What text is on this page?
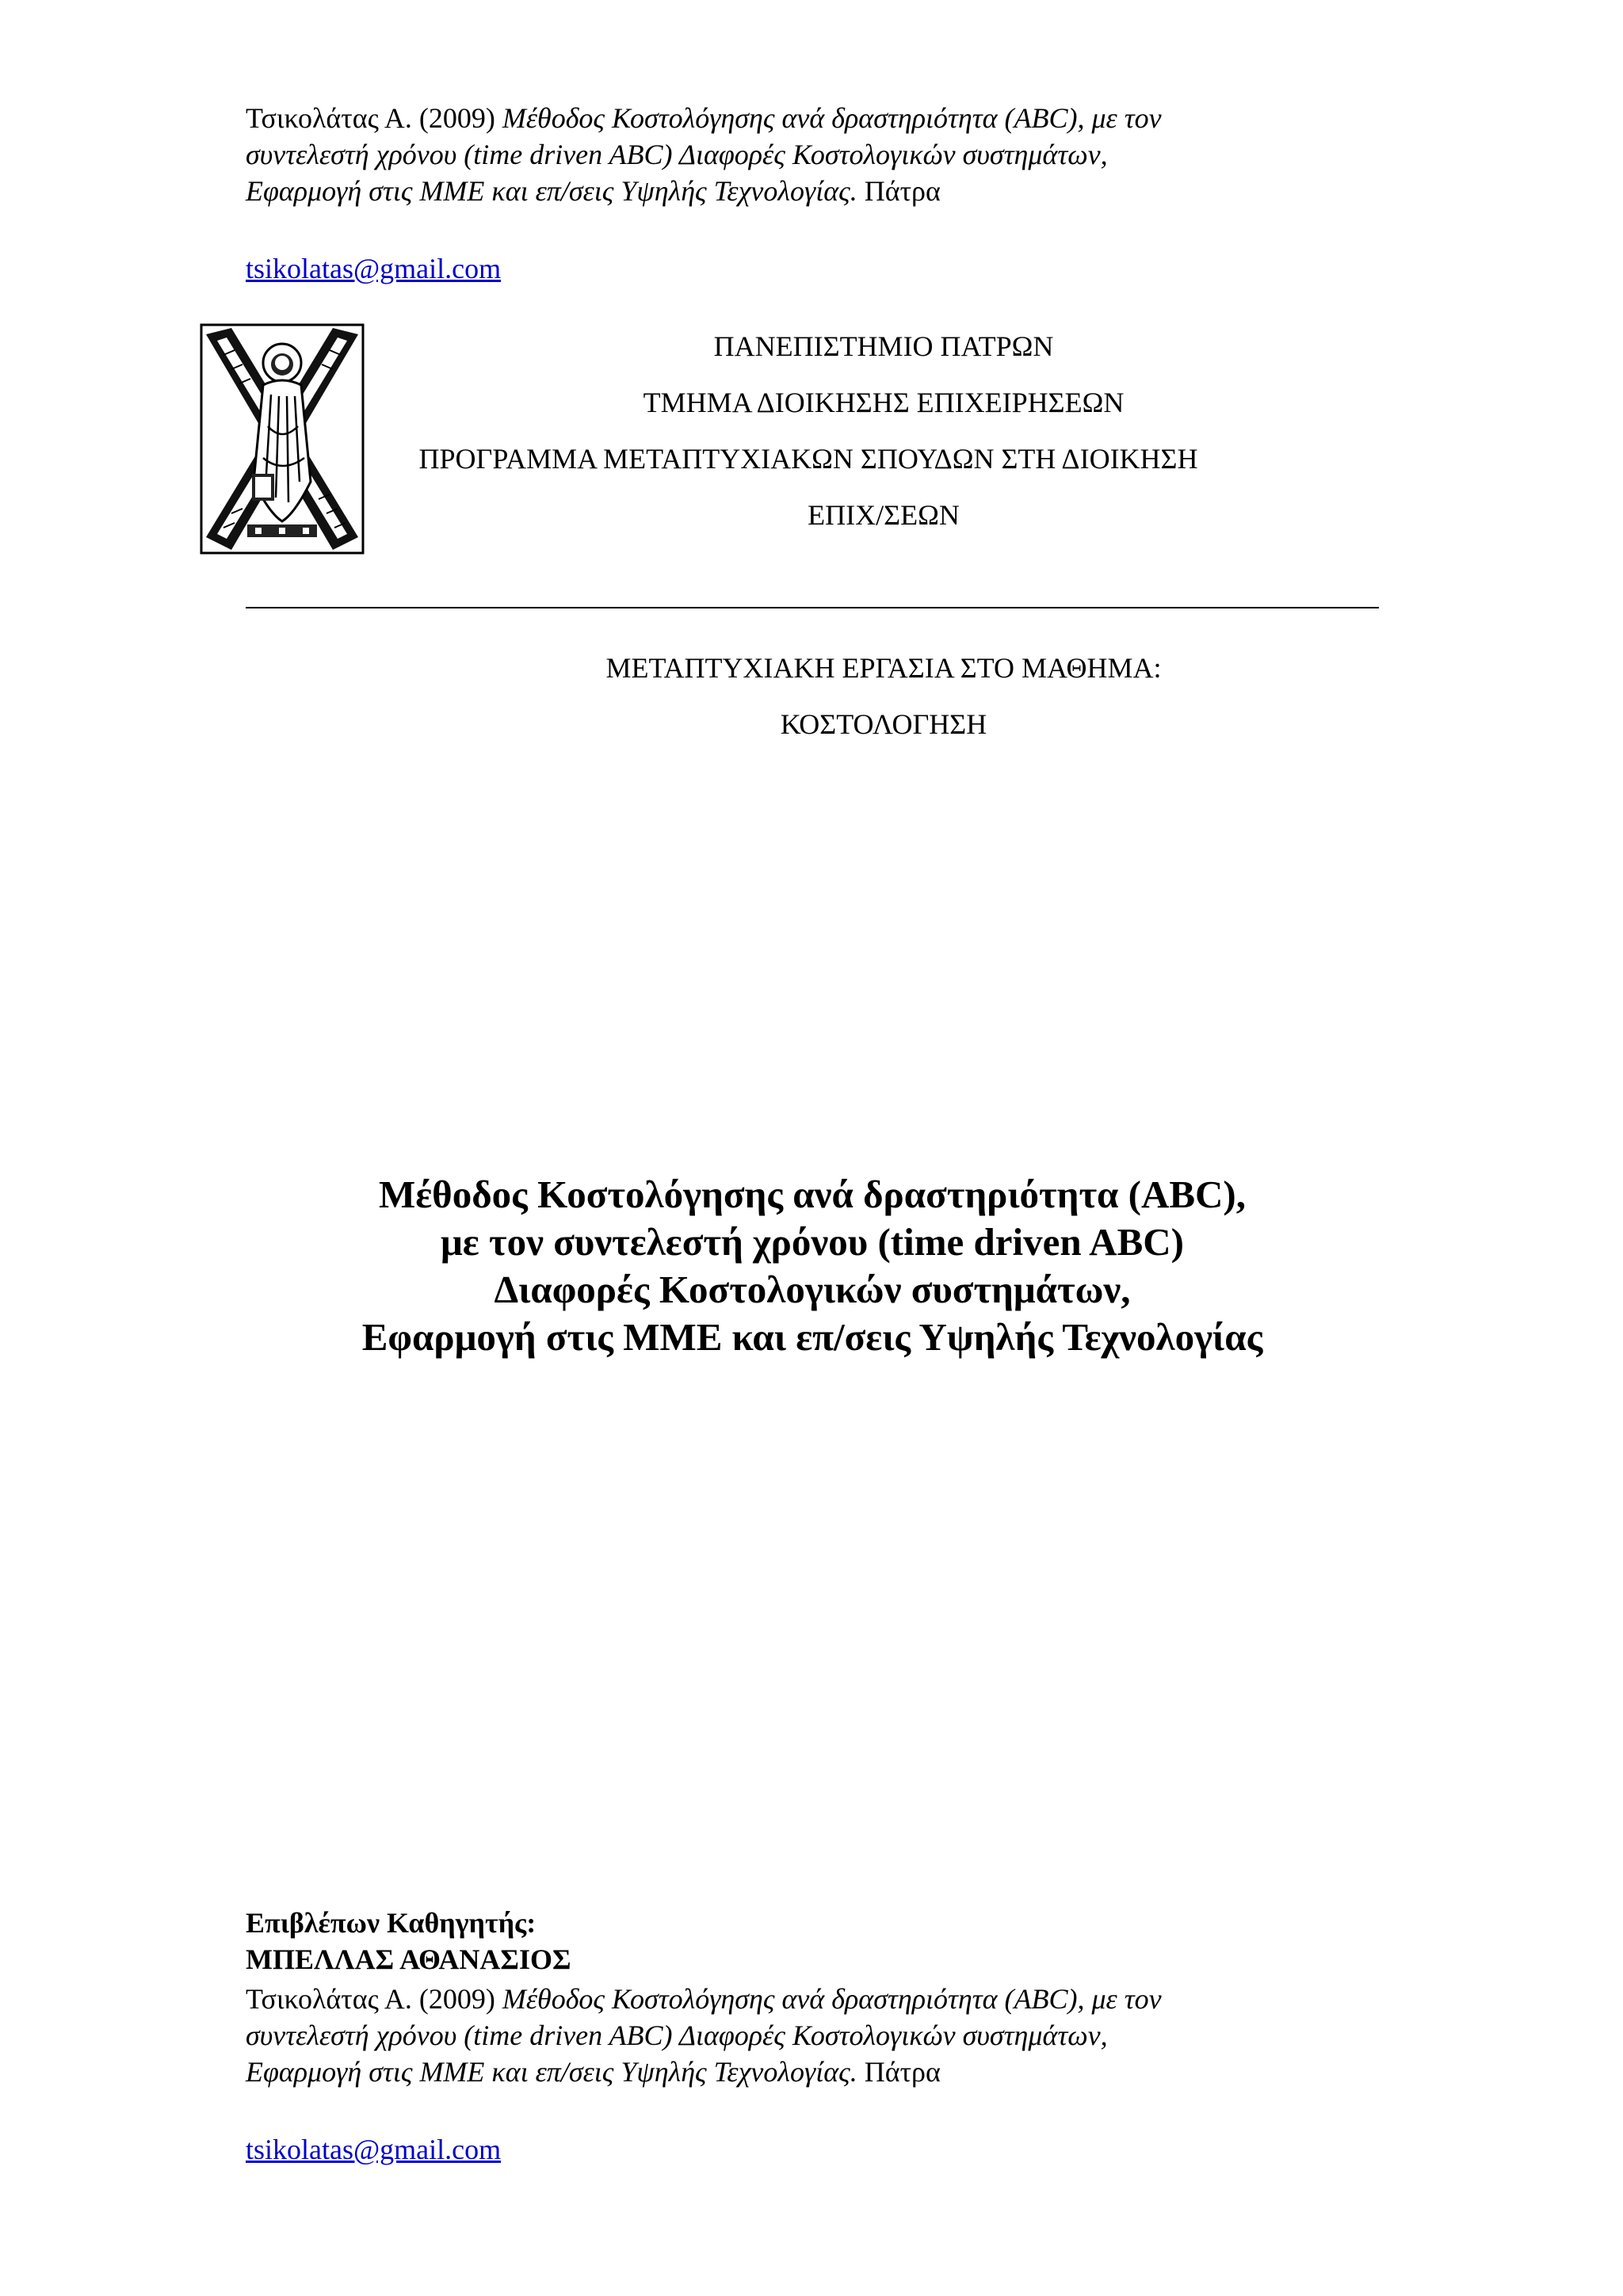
Τσικολάτας Α. (2009) Μέθοδος Κοστολόγησης ανά δραστηριότητα (ABC), με τον
συντελεστή χρόνου (time driven ABC) Διαφορές Κοστολογικών συστημάτων,
Εφαρμογή στις ΜΜΕ και επ/σεις Υψηλής Τεχνολογίας. Πάτρα
tsikolatas@gmail.com
ΠΑΝΕΠΙΣΤΗΜΙΟ ΠΑΤΡΩΝ
ΤΜΗΜΑ ΔΙΟΙΚΗΣΗΣ ΕΠΙΧΕΙΡΗΣΕΩΝ
ΠΡΟΓΡΑΜΜΑ ΜΕΤΑΠΤΥΧΙΑΚΩΝ ΣΠΟΥΔΩΝ ΣΤΗ ΔΙΟΙΚΗΣΗ
ΕΠΙΧ/ΣΕΩΝ
ΜΕΤΑΠΤΥΧΙΑΚΗ ΕΡΓΑΣΙΑ ΣΤΟ ΜΑΘΗΜΑ:
ΚΟΣΤΟΛΟΓΗΣΗ
Μέθοδος Κοστολόγησης ανά δραστηριότητα (ABC),
με τον συντελεστή χρόνου (time driven ABC)
Διαφορές Κοστολογικών συστημάτων,
Εφαρμογή στις ΜΜΕ και επ/σεις Υψηλής Τεχνολογίας
Επιβλέπων Καθηγητής:
ΜΠΕΛΛΑΣ ΑΘΑΝΑΣΙΟΣ
Τσικολάτας Α. (2009) Μέθοδος Κοστολόγησης ανά δραστηριότητα (ABC), με τον
συντελεστή χρόνου (time driven ABC) Διαφορές Κοστολογικών συστημάτων,
Εφαρμογή στις ΜΜΕ και επ/σεις Υψηλής Τεχνολογίας. Πάτρα
tsikolatas@gmail.com
